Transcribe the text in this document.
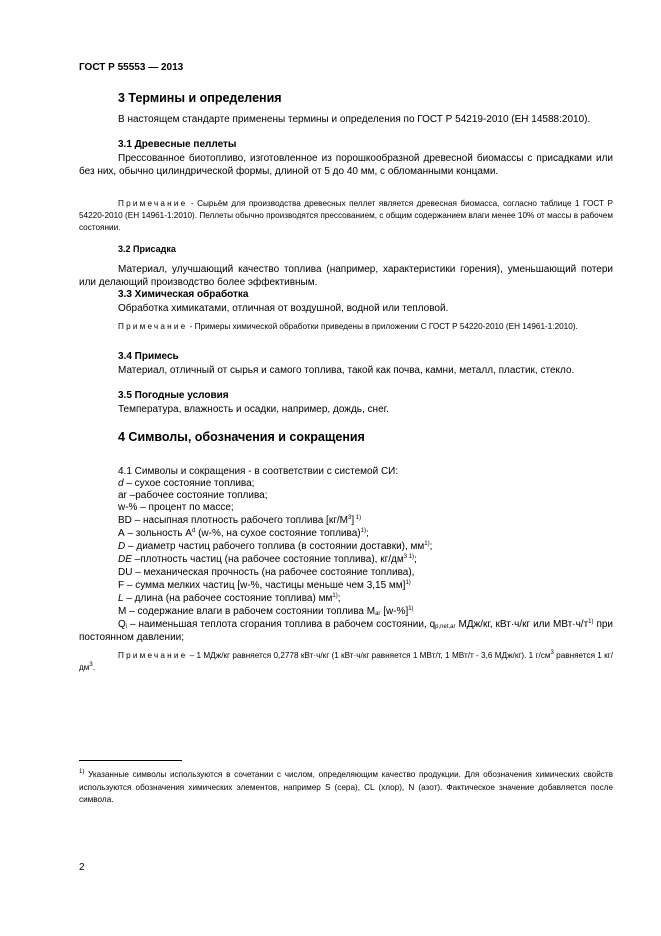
ГОСТ Р 55553 — 2013
3 Термины и определения
В настоящем стандарте применены термины и определения по ГОСТ Р 54219-2010 (ЕН 14588:2010).
3.1 Древесные пеллеты
Прессованное биотопливо, изготовленное из порошкообразной древесной биомассы с присадками или без них, обычно цилиндрической формы, длиной от 5 до 40 мм, с обломанными концами.
Примечание - Сырьём для производства древесных пеллет является древесная биомасса, согласно таблице 1 ГОСТ Р 54220-2010 (ЕН 14961-1:2010). Пеллеты обычно производятся прессованием, с общим содержанием влаги менее 10% от массы в рабочем состоянии.
3.2 Присадка
Материал, улучшающий качество топлива (например, характеристики горения), уменьшающий потери или делающий производство более эффективным.
3.3 Химическая обработка
Обработка химикатами, отличная от воздушной, водной или тепловой.
Примечание - Примеры химической обработки приведены в приложении С ГОСТ Р 54220-2010 (ЕН 14961-1:2010).
3.4 Примесь
Материал, отличный от сырья и самого топлива, такой как почва, камни, металл, пластик, стекло.
3.5 Погодные условия
Температура, влажность и осадки, например, дождь, снег.
4 Символы, обозначения и сокращения
4.1 Символы и сокращения - в соответствии с системой СИ:
d – сухое состояние топлива;
ar –рабочее состояние топлива;
w-% – процент по массе;
BD – насыпная плотность рабочего топлива $[кг/М^3]$ $^{1)}$
А – зольность $А^d$ (w-%, на сухое состояние топлива)$^{1)}$;
D – диаметр частиц рабочего топлива (в состоянии доставки), $мм^{1)}$;
DE –плотность частиц (на рабочее состояние топлива), $кг/дм^{3 1)}$;
DU – механическая прочность (на рабочее состояние топлива),
F – сумма мелких частиц [w-%, частицы меньше чем 3,15 мм]$^{1)}$
L – длина (на рабочее состояние топлива) $мм^{1)}$;
M – содержание влаги в рабочем состоянии топлива $M_{ar}$ $[w-\%]^{1)}$
$Q_i$ – наименьшая теплота сгорания топлива в рабочем состоянии, $q_{p,net,ar}$ МДж/кг, кВт·ч/кг или $МВт\cdot ч/т^{1)}$ при постоянном давлении;
Примечание – 1 МДж/кг равняется 0,2778 кВт·ч/кг (1 кВт·ч/кг равняется 1 МВт/т, 1 МВт/т - 3,6 МДж/кг). 1 $г/см^3$ равняется 1 $кг/дм^3$.
$^{1)}$ Указанные символы используются в сочетании с числом, определяющим качество продукции. Для обозначения химических свойств используются обозначения химических элементов, например S (сера), CL (хлор), N (азот). Фактическое значение добавляется после символа.
2
